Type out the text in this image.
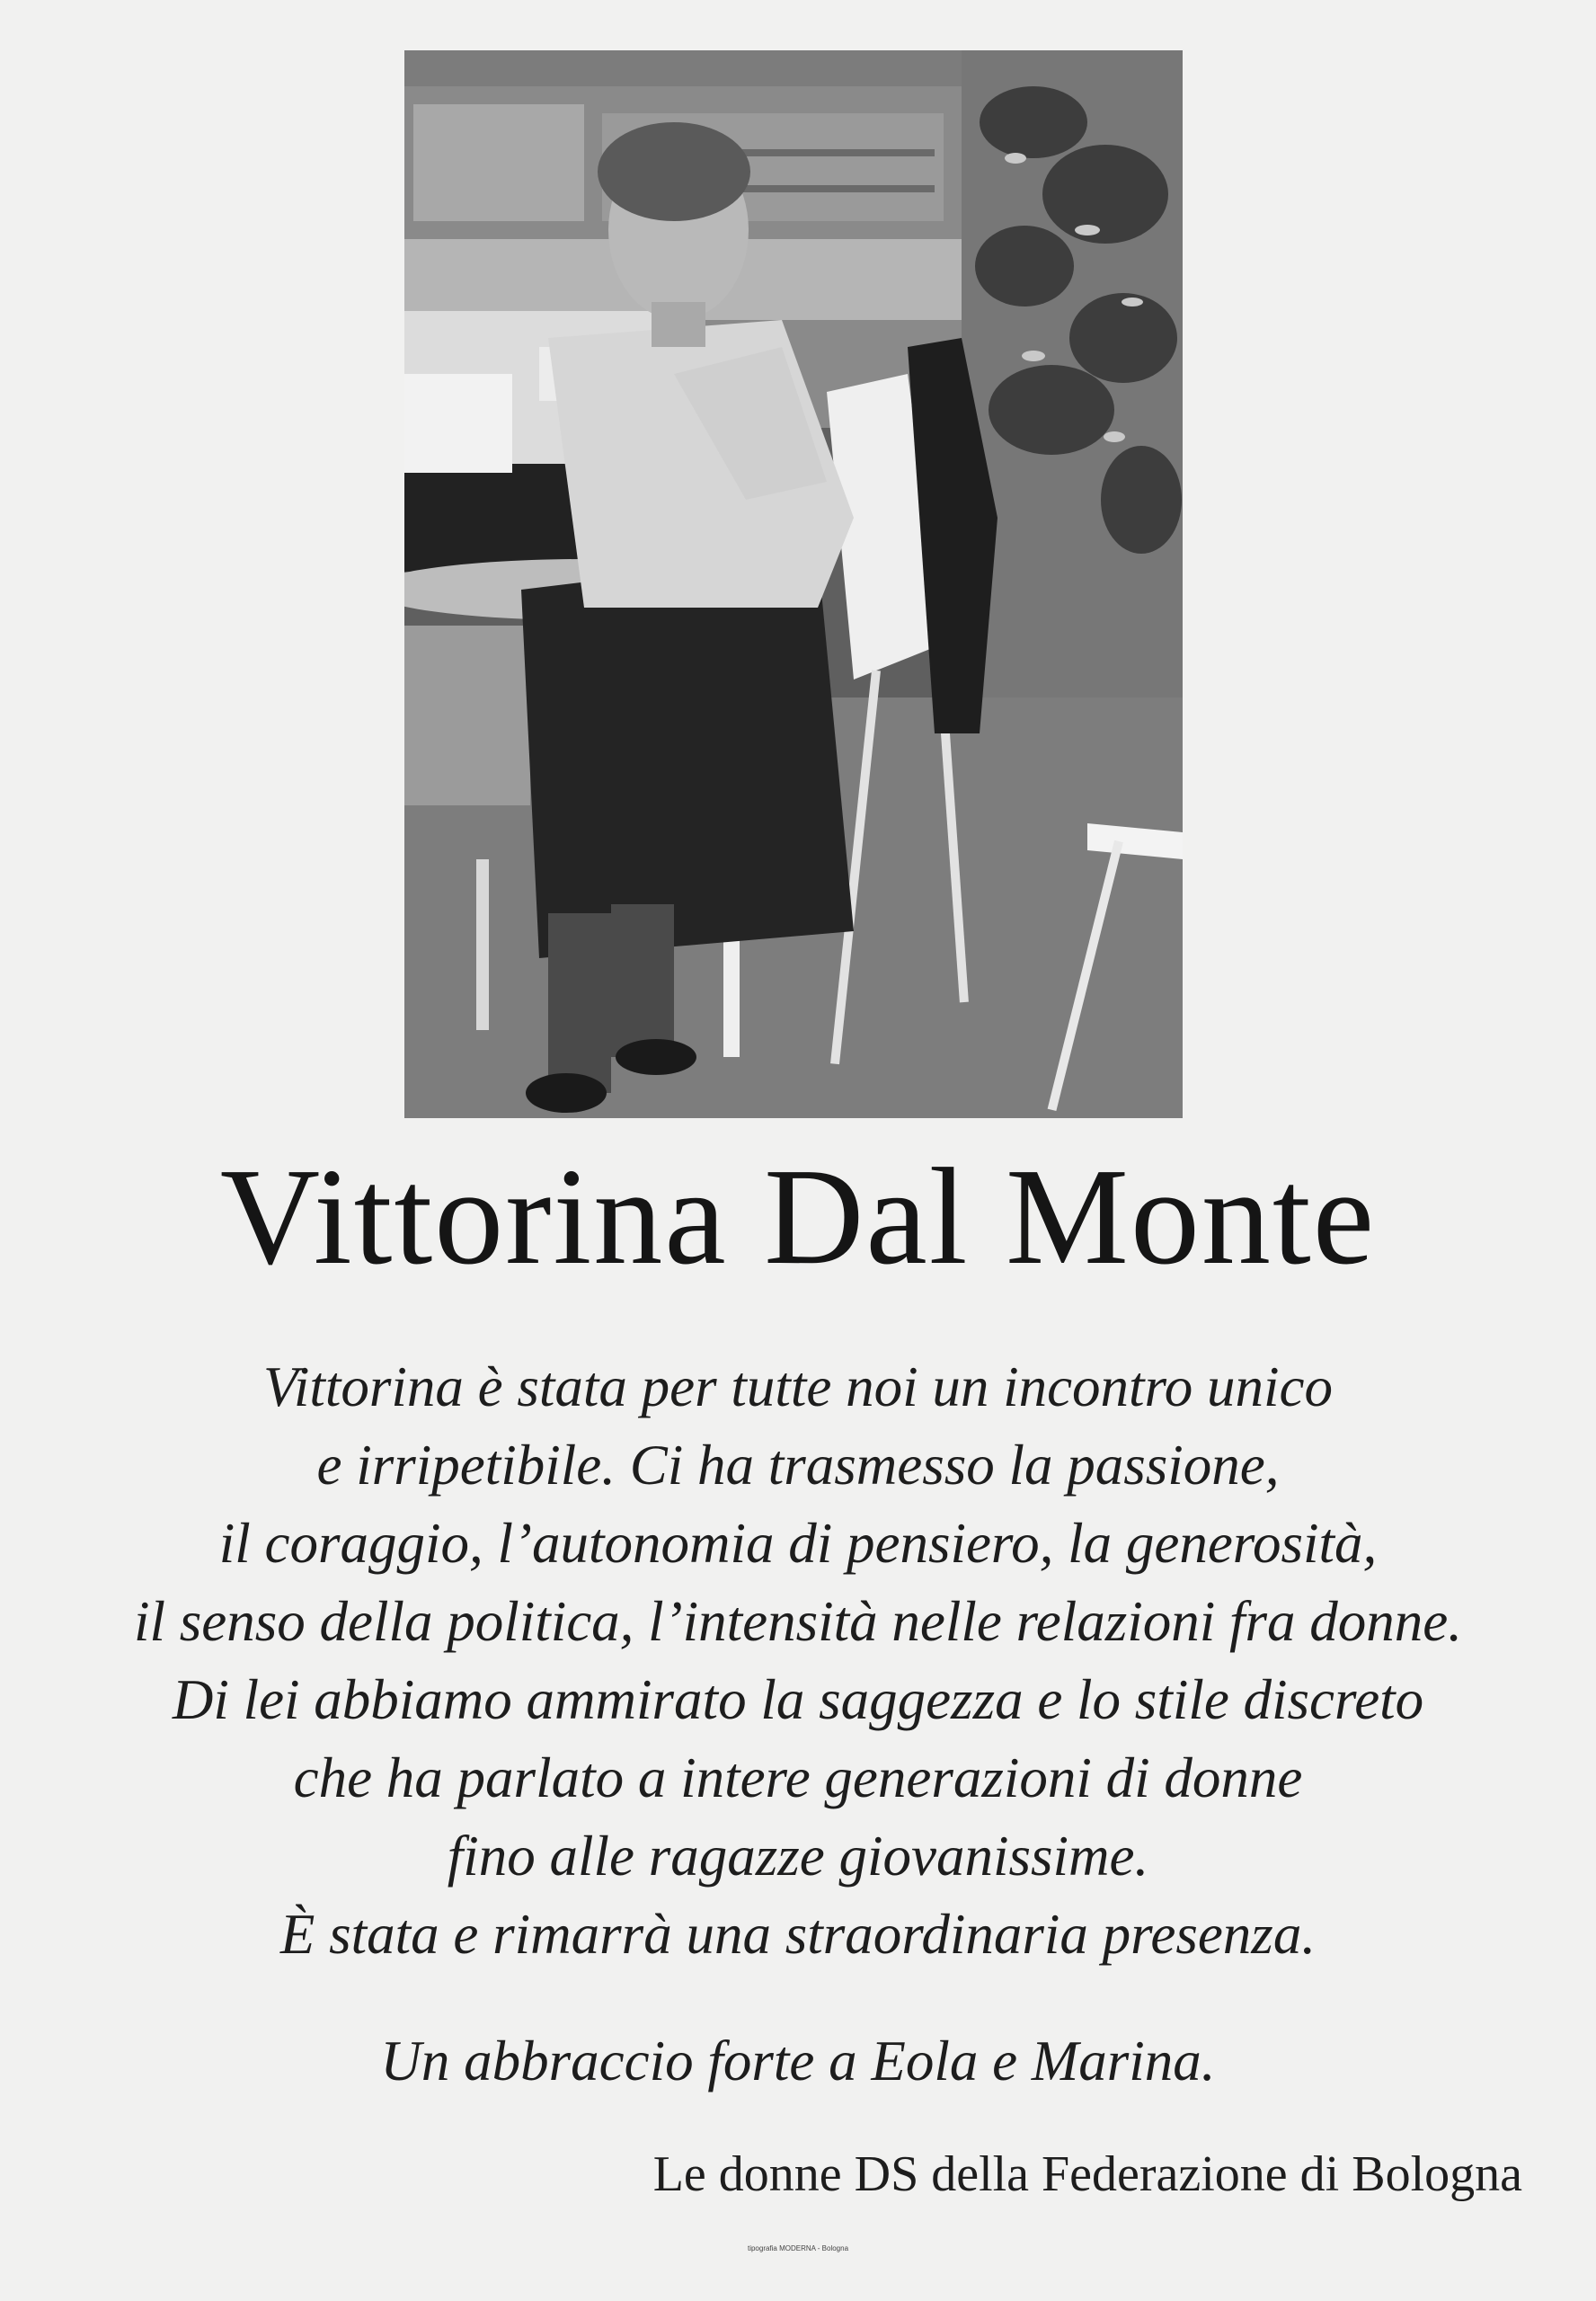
Vittorina Dal Monte
Vittorina è stata per tutte noi un incontro unico
e irripetibile. Ci ha trasmesso la passione,
il coraggio, l’autonomia di pensiero, la generosità,
il senso della politica, l’intensità nelle relazioni fra donne.
Di lei abbiamo ammirato la saggezza e lo stile discreto
che ha parlato a intere generazioni di donne
fino alle ragazze giovanissime.
È stata e rimarrà una straordinaria presenza.
Un abbraccio forte a Eola e Marina.
Le donne DS della Federazione di Bologna
tipografia MODERNA - Bologna
